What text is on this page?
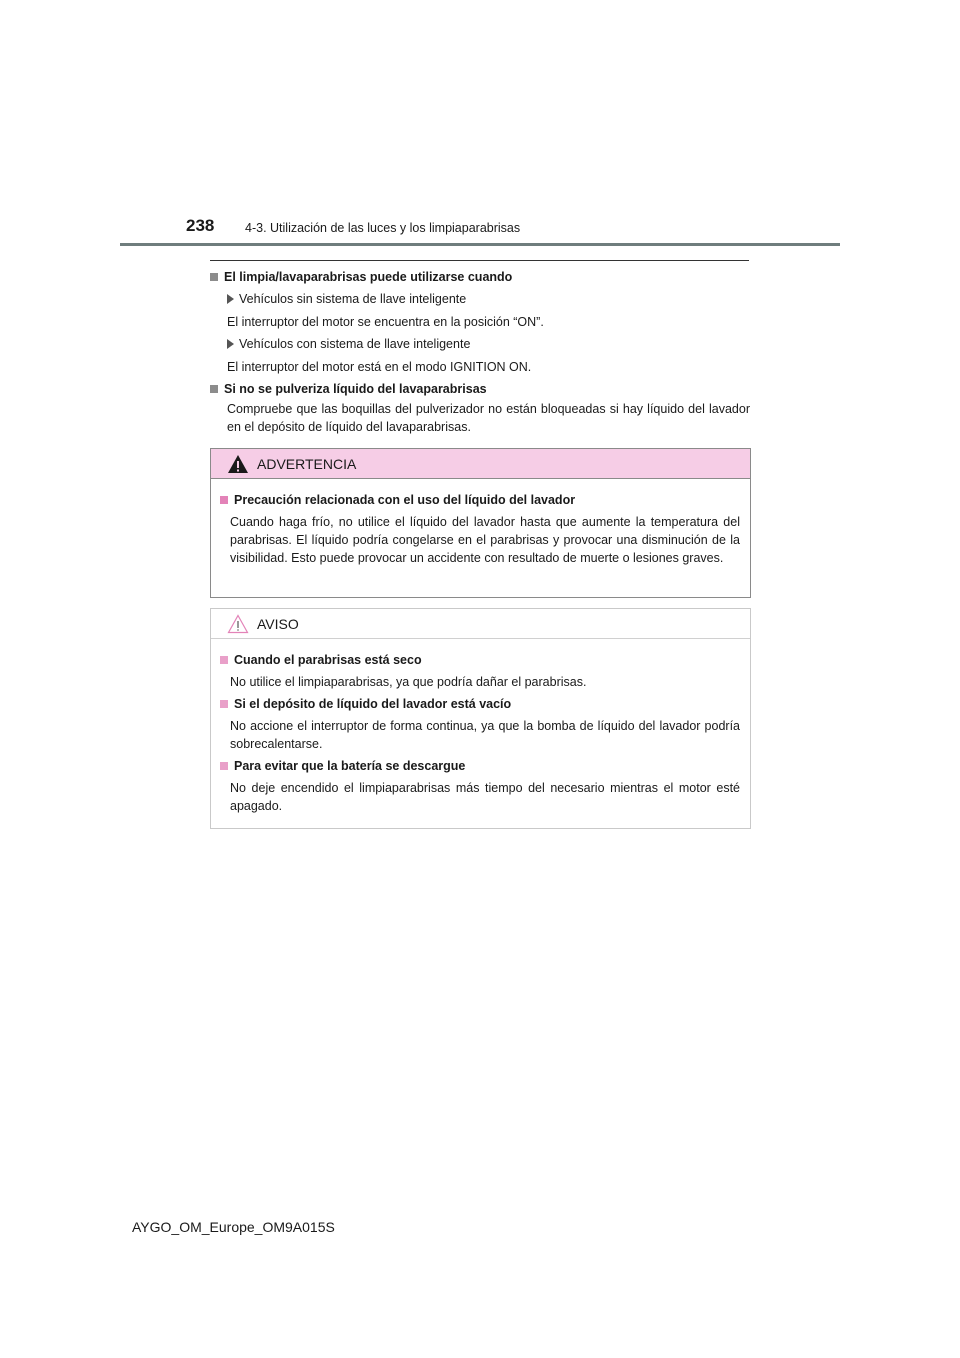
238 4-3. Utilización de las luces y los limpiaparabrisas

El limpia/lavaparabrisas puede utilizarse cuando

Vehículos sin sistema de llave inteligente

El interruptor del motor se encuentra en la posición “ON”.

Vehículos con sistema de llave inteligente

El interruptor del motor está en el modo IGNITION ON.

Si no se pulveriza líquido del lavaparabrisas

Compruebe que las boquillas del pulverizador no están bloqueadas si hay líquido del lavador en el depósito de líquido del lavaparabrisas.

ADVERTENCIA

Precaución relacionada con el uso del líquido del lavador

Cuando haga frío, no utilice el líquido del lavador hasta que aumente la temperatura del parabrisas. El líquido podría congelarse en el parabrisas y provocar una disminución de la visibilidad. Esto puede provocar un accidente con resultado de muerte o lesiones graves.

AVISO

Cuando el parabrisas está seco

No utilice el limpiaparabrisas, ya que podría dañar el parabrisas.

Si el depósito de líquido del lavador está vacío

No accione el interruptor de forma continua, ya que la bomba de líquido del lavador podría sobrecalentarse.

Para evitar que la batería se descargue

No deje encendido el limpiaparabrisas más tiempo del necesario mientras el motor esté apagado.

AYGO_OM_Europe_OM9A015S
